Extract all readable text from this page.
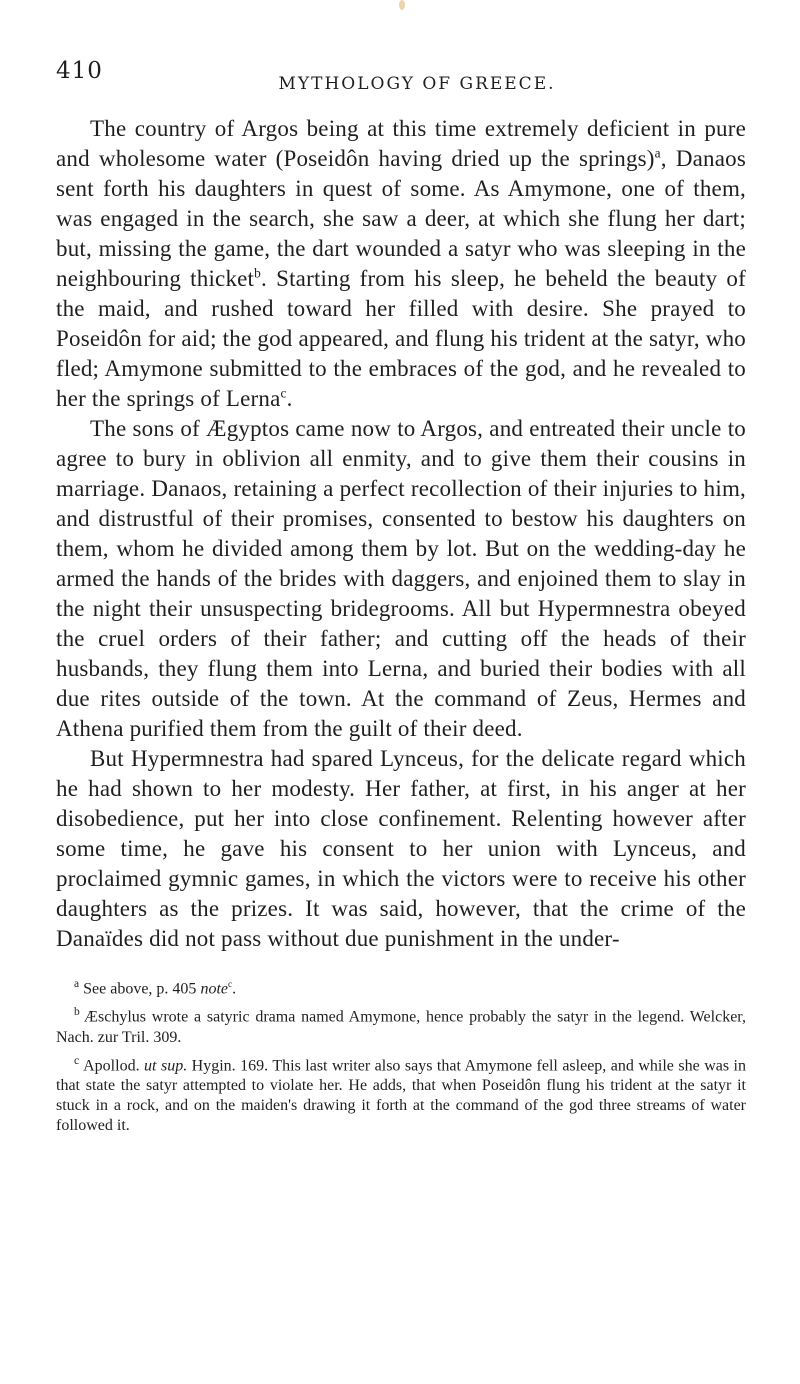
410	MYTHOLOGY OF GREECE.

The country of Argos being at this time extremely deficient in pure and wholesome water (Poseidôn having dried up the springs)$^a$, Danaos sent forth his daughters in quest of some. As Amymone, one of them, was engaged in the search, she saw a deer, at which she flung her dart; but, missing the game, the dart wounded a satyr who was sleeping in the neighbouring thicket$^b$. Starting from his sleep, he beheld the beauty of the maid, and rushed toward her filled with desire. She prayed to Poseidôn for aid; the god appeared, and flung his trident at the satyr, who fled; Amymone submitted to the embraces of the god, and he revealed to her the springs of Lerna$^c$.

The sons of Ægyptos came now to Argos, and entreated their uncle to agree to bury in oblivion all enmity, and to give them their cousins in marriage. Danaos, retaining a perfect recollection of their injuries to him, and distrustful of their promises, consented to bestow his daughters on them, whom he divided among them by lot. But on the wedding-day he armed the hands of the brides with daggers, and enjoined them to slay in the night their unsuspecting bridegrooms. All but Hypermnestra obeyed the cruel orders of their father; and cutting off the heads of their husbands, they flung them into Lerna, and buried their bodies with all due rites outside of the town. At the command of Zeus, Hermes and Athena purified them from the guilt of their deed.

But Hypermnestra had spared Lynceus, for the delicate regard which he had shown to her modesty. Her father, at first, in his anger at her disobedience, put her into close confinement. Relenting however after some time, he gave his consent to her union with Lynceus, and proclaimed gymnic games, in which the victors were to receive his other daughters as the prizes. It was said, however, that the crime of the Danaïdes did not pass without due punishment in the under-

$^a$ See above, p. 405 note$^c$.

$^b$ Æschylus wrote a satyric drama named Amymone, hence probably the satyr in the legend. Welcker, Nach. zur Tril. 309.

$^c$ Apollod. ut sup. Hygin. 169. This last writer also says that Amymone fell asleep, and while she was in that state the satyr attempted to violate her. He adds, that when Poseidôn flung his trident at the satyr it stuck in a rock, and on the maiden's drawing it forth at the command of the god three streams of water followed it.
